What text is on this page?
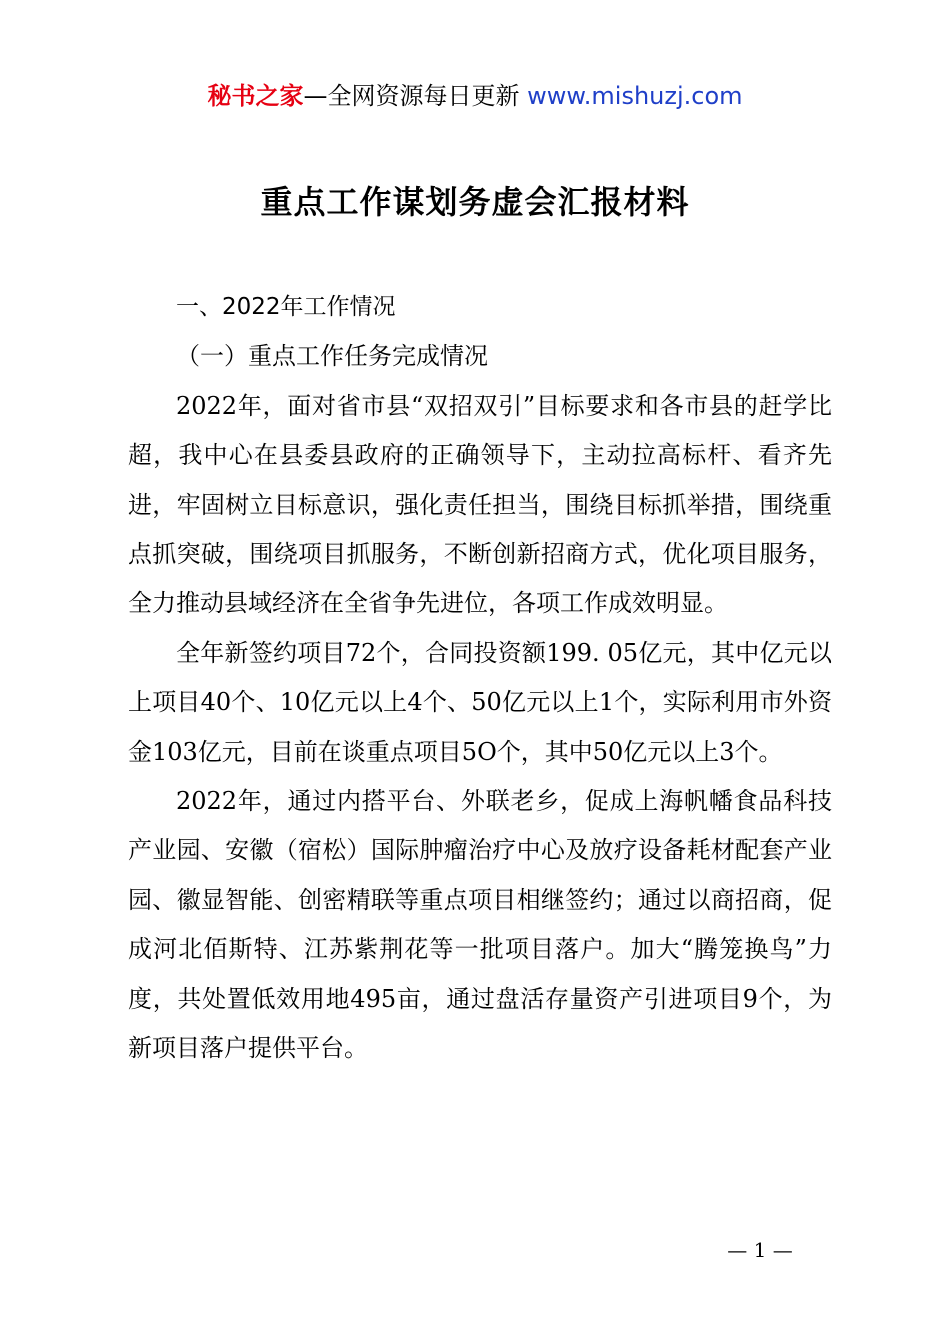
秘书之家—全网资源每日更新 www.mishuzj.com
重点工作谋划务虚会汇报材料

一、2022年工作情况

（一）重点工作任务完成情况

2022年，面对省市县“双招双引”目标要求和各市县的赶学比超，我中心在县委县政府的正确领导下，主动拉高标杆、看齐先进，牢固树立目标意识，强化责任担当，围绕目标抓举措，围绕重点抓突破，围绕项目抓服务，不断创新招商方式，优化项目服务，全力推动县域经济在全省争先进位，各项工作成效明显。

全年新签约项目72个，合同投资额199. 05亿元，其中亿元以上项目40个、10亿元以上4个、50亿元以上1个，实际利用市外资金103亿元，目前在谈重点项目5O个，其中50亿元以上3个。

2022年，通过内搭平台、外联老乡，促成上海帆幡食品科技产业园、安徽（宿松）国际肿瘤治疗中心及放疗设备耗材配套产业园、徽显智能、创密精联等重点项目相继签约；通过以商招商，促成河北佰斯特、江苏紫荆花等一批项目落户。加大“腾笼换鸟”力度，共处置低效用地495亩，通过盘活存量资产引进项目9个，为新项目落户提供平台。

— 1 —
